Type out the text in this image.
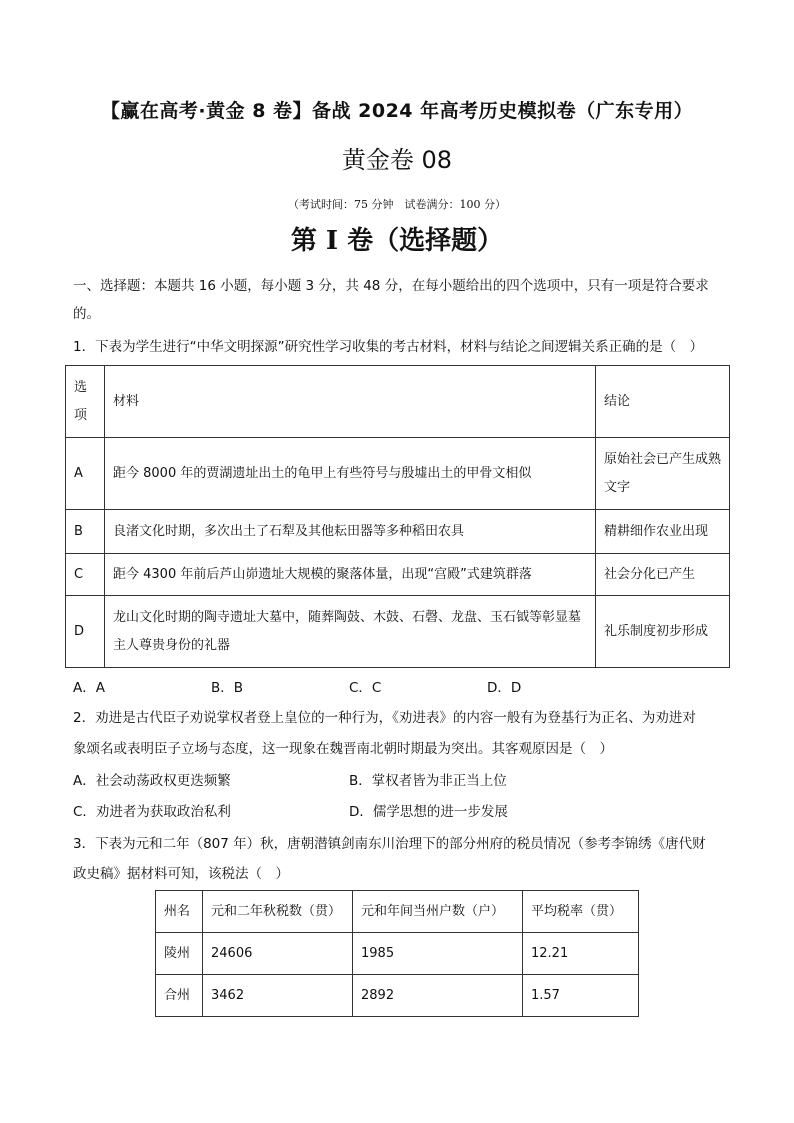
【赢在高考·黄金 8 卷】备战 2024 年高考历史模拟卷（广东专用）
黄金卷 08
（考试时间：75 分钟　试卷满分：100 分）
第 I 卷（选择题）
一、选择题：本题共 16 小题，每小题 3 分，共 48 分，在每小题给出的四个选项中，只有一项是符合要求
的。
1．下表为学生进行“中华文明探源”研究性学习收集的考古材料，材料与结论之间逻辑关系正确的是（　）
选
项	材料	结论
A	距今 8000 年的贾湖遗址出土的龟甲上有些符号与殷墟出土的甲骨文相似	原始社会已产生成熟文字
B	良渚文化时期，多次出土了石犁及其他耘田器等多种稻田农具	精耕细作农业出现
C	距今 4300 年前后芦山峁遗址大规模的聚落体量，出现“宫殿”式建筑群落	社会分化已产生
D	龙山文化时期的陶寺遗址大墓中，随葬陶鼓、木鼓、石磬、龙盘、玉石钺等彰显墓主人尊贵身份的礼器	礼乐制度初步形成
A．A	B．B	C．C	D．D
2．劝进是古代臣子劝说掌权者登上皇位的一种行为，《劝进表》的内容一般有为登基行为正名、为劝进对
象颂名或表明臣子立场与态度，这一现象在魏晋南北朝时期最为突出。其客观原因是（　）
A．社会动荡政权更迭频繁	B．掌权者皆为非正当上位
C．劝进者为获取政治私利	D．儒学思想的进一步发展
3．下表为元和二年（807 年）秋，唐朝潜镇剑南东川治理下的部分州府的税员情况（参考李锦绣《唐代财
政史稿》据材料可知，该税法（　）
州名	元和二年秋税数（贯）	元和年间当州户数（户）	平均税率（贯）
陵州	24606	1985	12.21
合州	3462	2892	1.57
